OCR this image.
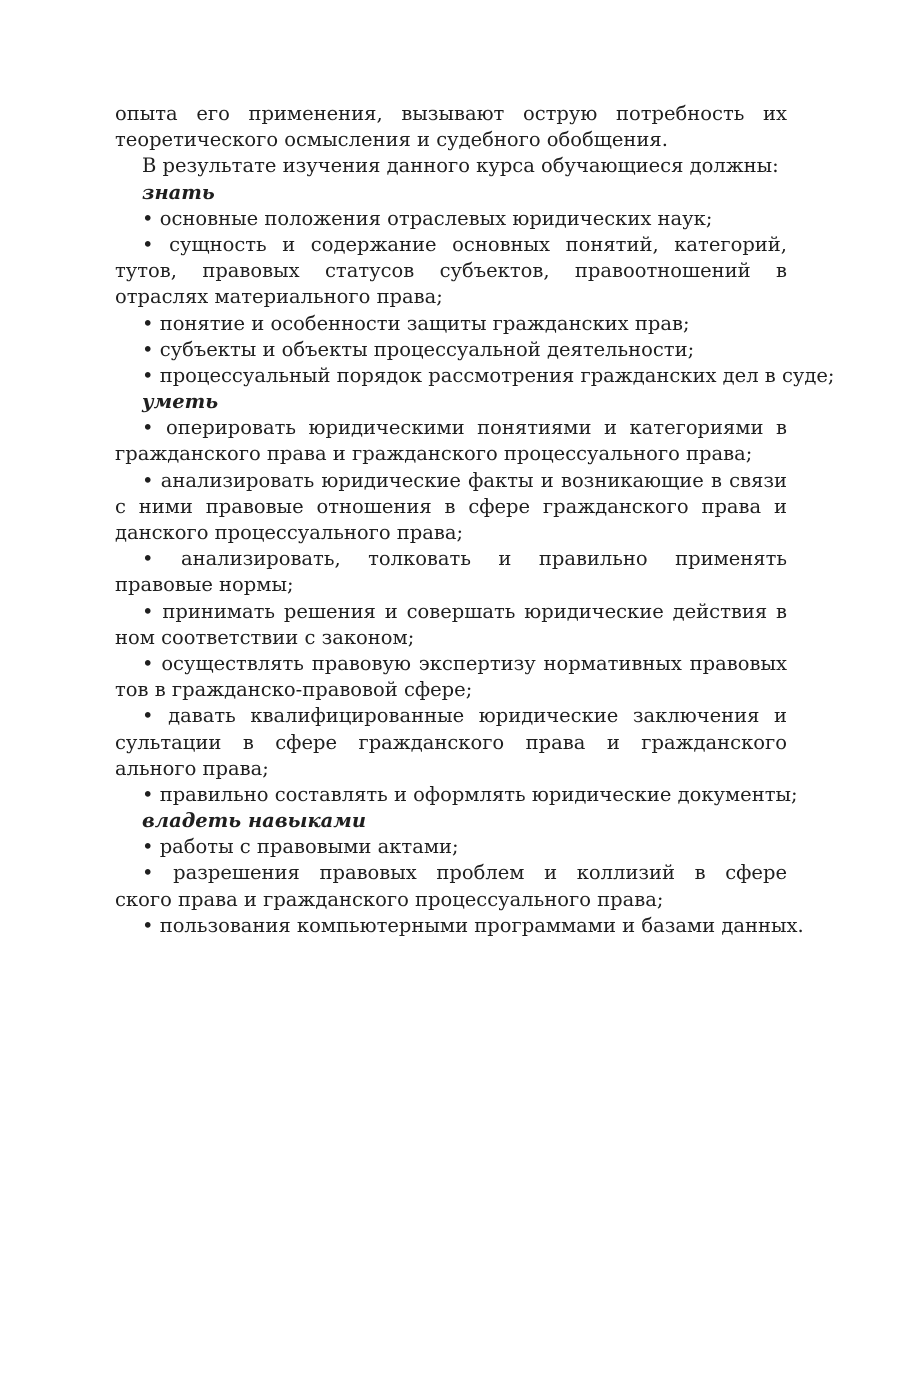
опыта его применения, вызывают острую потребность их
теоретического осмысления и судебного обобщения.
В результате изучения данного курса обучающиеся должны:
знать
• основные положения отраслевых юридических наук;
• сущность и содержание основных понятий, категорий,
тутов, правовых статусов субъектов, правоотношений в
отраслях материального права;
• понятие и особенности защиты гражданских прав;
• субъекты и объекты процессуальной деятельности;
• процессуальный порядок рассмотрения гражданских дел в суде;
уметь
• оперировать юридическими понятиями и категориями в
гражданского права и гражданского процессуального права;
• анализировать юридические факты и возникающие в связи
с ними правовые отношения в сфере гражданского права и
данского процессуального права;
• анализировать, толковать и правильно применять
правовые нормы;
• принимать решения и совершать юридические действия в
ном соответствии с законом;
• осуществлять правовую экспертизу нормативных правовых
тов в гражданско-правовой сфере;
• давать квалифицированные юридические заключения и
сультации в сфере гражданского права и гражданского
ального права;
• правильно составлять и оформлять юридические документы;
владеть навыками
• работы с правовыми актами;
• разрешения правовых проблем и коллизий в сфере
ского права и гражданского процессуального права;
• пользования компьютерными программами и базами данных.
